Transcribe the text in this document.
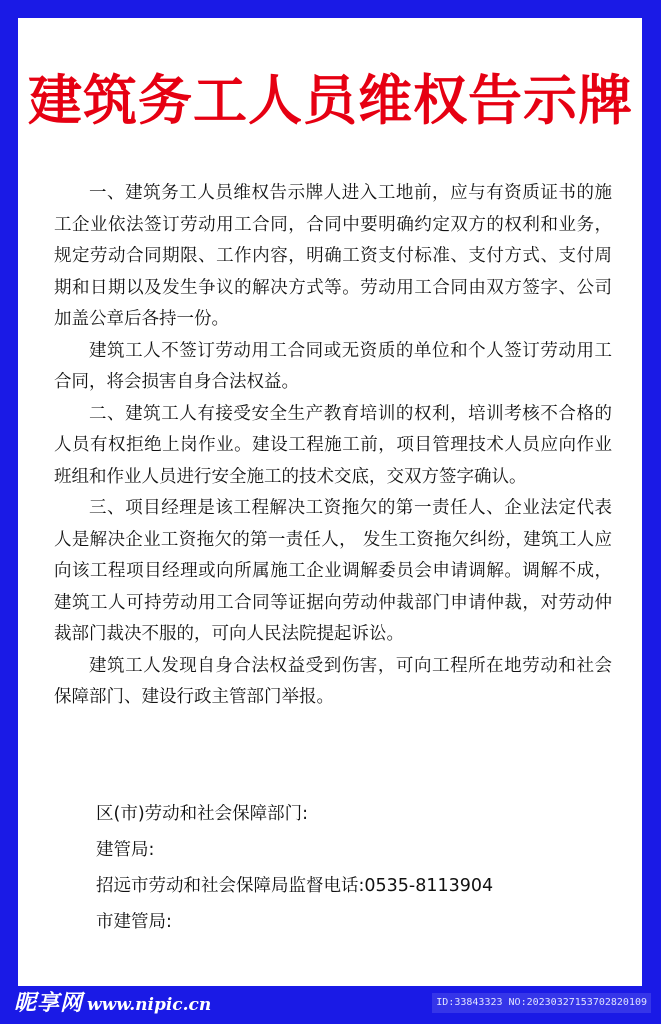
建筑务工人员维权告示牌

一、建筑务工人员维权告示牌人进入工地前，应与有资质证书的施工企业依法签订劳动用工合同，合同中要明确约定双方的权利和业务，规定劳动合同期限、工作内容，明确工资支付标准、支付方式、支付周期和日期以及发生争议的解决方式等。劳动用工合同由双方签字、公司加盖公章后各持一份。

建筑工人不签订劳动用工合同或无资质的单位和个人签订劳动用工合同，将会损害自身合法权益。

二、建筑工人有接受安全生产教育培训的权利，培训考核不合格的人员有权拒绝上岗作业。建设工程施工前，项目管理技术人员应向作业班组和作业人员进行安全施工的技术交底，交双方签字确认。

三、项目经理是该工程解决工资拖欠的第一责任人、企业法定代表人是解决企业工资拖欠的第一责任人， 发生工资拖欠纠纷，建筑工人应向该工程项目经理或向所属施工企业调解委员会申请调解。调解不成，建筑工人可持劳动用工合同等证据向劳动仲裁部门申请仲裁，对劳动仲裁部门裁决不服的，可向人民法院提起诉讼。

建筑工人发现自身合法权益受到伤害，可向工程所在地劳动和社会保障部门、建设行政主管部门举报。

区(市)劳动和社会保障部门:
建管局:
招远市劳动和社会保障局监督电话:0535-8113904
市建管局:
昵享网 www.nipic.cn	ID:33843323 NO:20230327153702820109
